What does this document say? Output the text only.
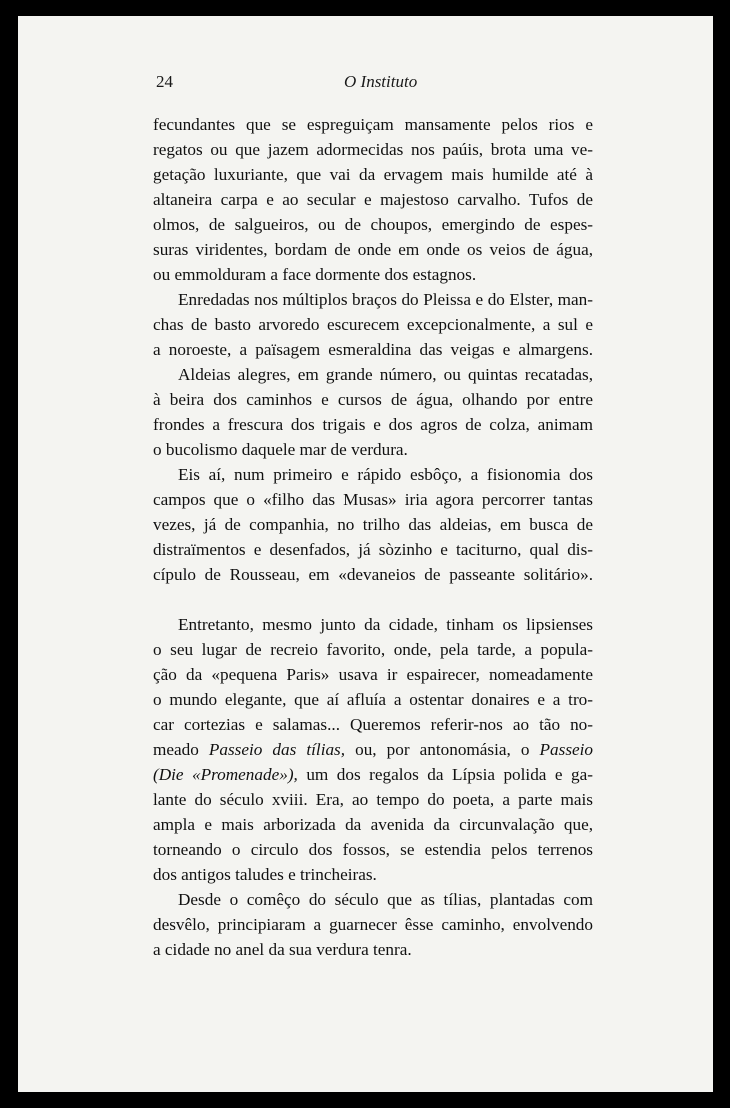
24	O Instituto
fecundantes que se espreguiçam mansamente pelos rios e
regatos ou que jazem adormecidas nos paúis, brota uma ve-
getação luxuriante, que vai da ervagem mais humilde até à
altaneira carpa e ao secular e majestoso carvalho. Tufos de
olmos, de salgueiros, ou de choupos, emergindo de espes-
suras viridentes, bordam de onde em onde os veios de água,
ou emmolduram a face dormente dos estagnos.
Enredadas nos múltiplos braços do Pleissa e do Elster, man-
chas de basto arvoredo escurecem excepcionalmente, a sul e
a noroeste, a païsagem esmeraldina das veigas e almargens.
Aldeias alegres, em grande número, ou quintas recatadas,
à beira dos caminhos e cursos de água, olhando por entre
frondes a frescura dos trigais e dos agros de colza, animam
o bucolismo daquele mar de verdura.
Eis aí, num primeiro e rápido esbôço, a fisionomia dos
campos que o «filho das Musas» iria agora percorrer tantas
vezes, já de companhia, no trilho das aldeias, em busca de
distraïmentos e desenfados, já sòzinho e taciturno, qual dis-
cípulo de Rousseau, em «devaneios de passeante solitário».
Entretanto, mesmo junto da cidade, tinham os lipsienses
o seu lugar de recreio favorito, onde, pela tarde, a popula-
ção da «pequena Paris» usava ir espairecer, nomeadamente
o mundo elegante, que aí afluía a ostentar donaires e a tro-
car cortezias e salamas... Queremos referir-nos ao tão no-
meado Passeio das tílias, ou, por antonomásia, o Passeio
(Die «Promenade»), um dos regalos da Lípsia polida e ga-
lante do século xviii. Era, ao tempo do poeta, a parte mais
ampla e mais arborizada da avenida da circunvalação que,
torneando o circulo dos fossos, se estendia pelos terrenos
dos antigos taludes e trincheiras.
Desde o comêço do século que as tílias, plantadas com
desvêlo, principiaram a guarnecer êsse caminho, envolvendo
a cidade no anel da sua verdura tenra.
